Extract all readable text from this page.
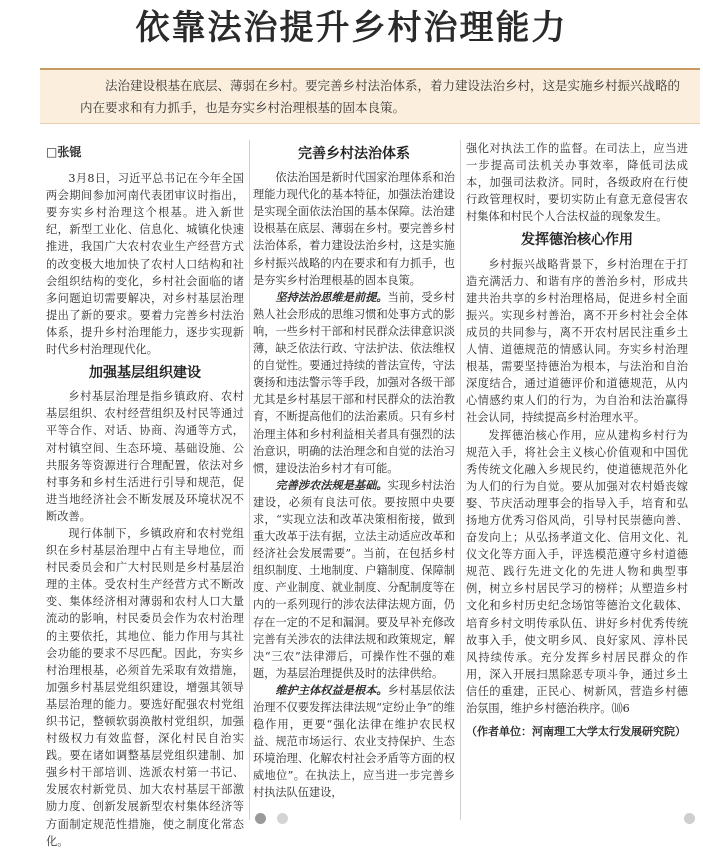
依靠法治提升乡村治理能力
法治建设根基在底层、薄弱在乡村。要完善乡村法治体系，着力建设法治乡村，这是实施乡村振兴战略的内在要求和有力抓手，也是夯实乡村治理根基的固本良策。

□张锟

3月8日，习近平总书记在今年全国两会期间参加河南代表团审议时指出，要夯实乡村治理这个根基。进入新世纪，新型工业化、信息化、城镇化快速推进，我国广大农村农业生产经营方式的改变极大地加快了农村人口结构和社会组织结构的变化，乡村社会面临的诸多问题迫切需要解决，对乡村基层治理提出了新的要求。要着力完善乡村法治体系，提升乡村治理能力，逐步实现新时代乡村治理现代化。

加强基层组织建设

乡村基层治理是指乡镇政府、农村基层组织、农村经营组织及村民等通过平等合作、对话、协商、沟通等方式，对村镇空间、生态环境、基础设施、公共服务等资源进行合理配置，依法对乡村事务和乡村生活进行引导和规范，促进当地经济社会不断发展及环境状况不断改善。

现行体制下，乡镇政府和农村党组织在乡村基层治理中占有主导地位，而村民委员会和广大村民则是乡村基层治理的主体。受农村生产经营方式不断改变、集体经济相对薄弱和农村人口大量流动的影响，村民委员会作为农村治理的主要依托，其地位、能力作用与其社会功能的要求不尽匹配。因此，夯实乡村治理根基，必须首先采取有效措施，加强乡村基层党组织建设，增强其领导基层治理的能力。要选好配强农村党组织书记，整顿软弱涣散村党组织，加强村级权力有效监督，深化村民自治实践。要在诸如调整基层党组织建制、加强乡村干部培训、选派农村第一书记、发展农村新党员、加大农村基层干部激励力度、创新发展新型农村集体经济等方面制定规范性措施，使之制度化常态化。

完善乡村法治体系

依法治国是新时代国家治理体系和治理能力现代化的基本特征，加强法治建设是实现全面依法治国的基本保障。法治建设根基在底层、薄弱在乡村。要完善乡村法治体系，着力建设法治乡村，这是实施乡村振兴战略的内在要求和有力抓手，也是夯实乡村治理根基的固本良策。

坚持法治思维是前提。当前，受乡村熟人社会形成的思维习惯和处事方式的影响，一些乡村干部和村民群众法律意识淡薄，缺乏依法行政、守法护法、依法维权的自觉性。要通过持续的普法宣传，守法褒扬和违法警示等手段，加强对各级干部尤其是乡村基层干部和村民群众的法治教育，不断提高他们的法治素质。只有乡村治理主体和乡村利益相关者具有强烈的法治意识，明确的法治理念和自觉的法治习惯，建设法治乡村才有可能。

完善涉农法规是基础。实现乡村法治建设，必须有良法可依。要按照中央要求，“实现立法和改革决策相衔接，做到重大改革于法有据，立法主动适应改革和经济社会发展需要”。当前，在包括乡村组织制度、土地制度、户籍制度、保障制度、产业制度、就业制度、分配制度等在内的一系列现行的涉农法律法规方面，仍存在一定的不足和漏洞。要及早补充修改完善有关涉农的法律法规和政策规定，解决“三农”法律滞后，可操作性不强的难题，为基层治理提供及时的法律供给。

维护主体权益是根本。乡村基层依法治理不仅要发挥法律法规“定纷止争”的维稳作用，更要“强化法律在维护农民权益、规范市场运行、农业支持保护、生态环境治理、化解农村社会矛盾等方面的权威地位”。在执法上，应当进一步完善乡村执法队伍建设，

强化对执法工作的监督。在司法上，应当进一步提高司法机关办事效率，降低司法成本，加强司法救济。同时，各级政府在行使行政管理权时，要切实防止有意无意侵害农村集体和村民个人合法权益的现象发生。

发挥德治核心作用

乡村振兴战略背景下，乡村治理在于打造充满活力、和谐有序的善治乡村，形成共建共治共享的乡村治理格局，促进乡村全面振兴。实现乡村善治，离不开乡村社会全体成员的共同参与，离不开农村居民注重乡土人情、道德规范的情感认同。夯实乡村治理根基，需要坚持德治为根本，与法治和自治深度结合，通过道德评价和道德规范，从内心情感约束人们的行为，为自治和法治赢得社会认同，持续提高乡村治理水平。

发挥德治核心作用，应从建构乡村行为规范入手，将社会主义核心价值观和中国优秀传统文化融入乡规民约，使道德规范外化为人们的行为自觉。要从加强对农村婚丧嫁娶、节庆活动理事会的指导入手，培育和弘扬地方优秀习俗风尚，引导村民崇德向善、奋发向上；从弘扬孝道文化、信用文化、礼仪文化等方面入手，评选模范遵守乡村道德规范、践行先进文化的先进人物和典型事例，树立乡村居民学习的榜样；从塑造乡村文化和乡村历史纪念场馆等德治文化载体、培育乡村文明传承队伍、讲好乡村优秀传统故事入手，使文明乡风、良好家风、淳朴民风持续传承。充分发挥乡村居民群众的作用，深入开展扫黑除恶专项斗争，通过乡土信任的重建，正民心、树新风，营造乡村德治氛围，维护乡村德治秩序。⑽6

（作者单位：河南理工大学太行发展研究院）
